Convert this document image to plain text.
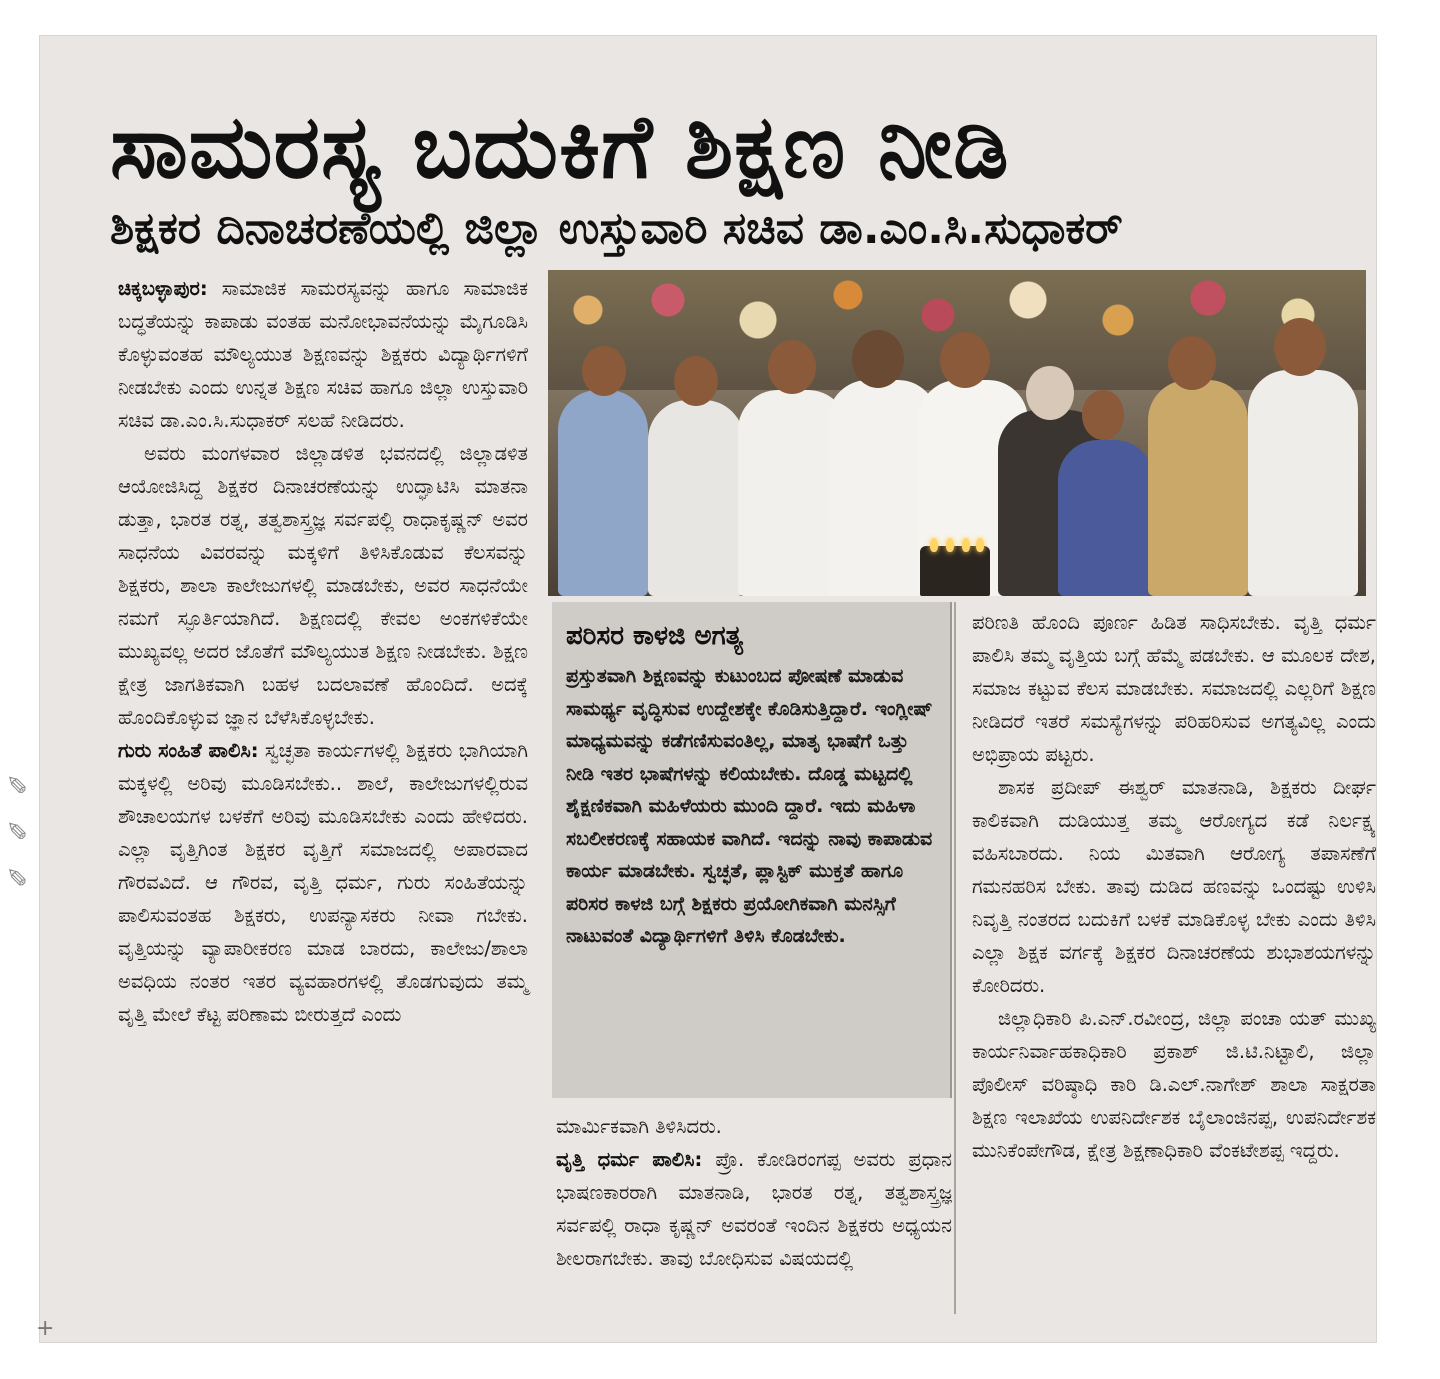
✎ ✎ ✎
+
ಸಾಮರಸ್ಯ ಬದುಕಿಗೆ ಶಿಕ್ಷಣ ನೀಡಿ
ಶಿಕ್ಷಕರ ದಿನಾಚರಣೆಯಲ್ಲಿ ಜಿಲ್ಲಾ ಉಸ್ತುವಾರಿ ಸಚಿವ ಡಾ.ಎಂ.ಸಿ.ಸುಧಾಕರ್

ಚಿಕ್ಕಬಳ್ಳಾಪುರ: ಸಾಮಾಜಿಕ ಸಾಮರಸ್ಯವನ್ನು ಹಾಗೂ ಸಾಮಾಜಿಕ ಬದ್ಧತೆಯನ್ನು ಕಾಪಾಡು ವಂತಹ ಮನೋಭಾವನೆಯನ್ನು ಮೈಗೂಡಿಸಿ ಕೊಳ್ಳುವಂತಹ ಮೌಲ್ಯಯುತ ಶಿಕ್ಷಣವನ್ನು ಶಿಕ್ಷಕರು ವಿದ್ಯಾರ್ಥಿಗಳಿಗೆ ನೀಡಬೇಕು ಎಂದು ಉನ್ನತ ಶಿಕ್ಷಣ ಸಚಿವ ಹಾಗೂ ಜಿಲ್ಲಾ ಉಸ್ತುವಾರಿ ಸಚಿವ ಡಾ.ಎಂ.ಸಿ.ಸುಧಾಕರ್ ಸಲಹೆ ನೀಡಿದರು.

ಅವರು ಮಂಗಳವಾರ ಜಿಲ್ಲಾಡಳಿತ ಭವನದಲ್ಲಿ ಜಿಲ್ಲಾಡಳಿತ ಆಯೋಜಿಸಿದ್ದ ಶಿಕ್ಷಕರ ದಿನಾಚರಣೆಯನ್ನು ಉದ್ಘಾಟಿಸಿ ಮಾತನಾ ಡುತ್ತಾ, ಭಾರತ ರತ್ನ, ತತ್ವಶಾಸ್ತ್ರಜ್ಞ ಸರ್ವಪಲ್ಲಿ ರಾಧಾಕೃಷ್ಣನ್ ಅವರ ಸಾಧನೆಯ ವಿವರವನ್ನು ಮಕ್ಕಳಿಗೆ ತಿಳಿಸಿಕೊಡುವ ಕೆಲಸವನ್ನು ಶಿಕ್ಷಕರು, ಶಾಲಾ ಕಾಲೇಜುಗಳಲ್ಲಿ ಮಾಡಬೇಕು, ಅವರ ಸಾಧನೆಯೇ ನಮಗೆ ಸ್ಫೂರ್ತಿಯಾಗಿದೆ. ಶಿಕ್ಷಣದಲ್ಲಿ ಕೇವಲ ಅಂಕಗಳಿಕೆಯೇ ಮುಖ್ಯವಲ್ಲ ಅದರ ಜೊತೆಗೆ ಮೌಲ್ಯಯುತ ಶಿಕ್ಷಣ ನೀಡಬೇಕು. ಶಿಕ್ಷಣ ಕ್ಷೇತ್ರ ಜಾಗತಿಕವಾಗಿ ಬಹಳ ಬದಲಾವಣೆ ಹೊಂದಿದೆ. ಅದಕ್ಕೆ ಹೊಂದಿಕೊಳ್ಳುವ ಜ್ಞಾನ ಬೆಳೆಸಿಕೊಳ್ಳಬೇಕು.

ಗುರು ಸಂಹಿತೆ ಪಾಲಿಸಿ: ಸ್ವಚ್ಛತಾ ಕಾರ್ಯಗಳಲ್ಲಿ ಶಿಕ್ಷಕರು ಭಾಗಿಯಾಗಿ ಮಕ್ಕಳಲ್ಲಿ ಅರಿವು ಮೂಡಿಸಬೇಕು.. ಶಾಲೆ, ಕಾಲೇಜುಗಳಲ್ಲಿರುವ ಶೌಚಾಲಯಗಳ ಬಳಕೆಗೆ ಅರಿವು ಮೂಡಿಸಬೇಕು ಎಂದು ಹೇಳಿದರು. ಎಲ್ಲಾ ವೃತ್ತಿಗಿಂತ ಶಿಕ್ಷಕರ ವೃತ್ತಿಗೆ ಸಮಾಜದಲ್ಲಿ ಅಪಾರವಾದ ಗೌರವವಿದೆ. ಆ ಗೌರವ, ವೃತ್ತಿ ಧರ್ಮ, ಗುರು ಸಂಹಿತೆಯನ್ನು ಪಾಲಿಸುವಂತಹ ಶಿಕ್ಷಕರು, ಉಪನ್ಯಾಸಕರು ನೀವಾ ಗಬೇಕು. ವೃತ್ತಿಯನ್ನು ವ್ಯಾಪಾರೀಕರಣ ಮಾಡ ಬಾರದು, ಕಾಲೇಜು/ಶಾಲಾ ಅವಧಿಯ ನಂತರ ಇತರ ವ್ಯವಹಾರಗಳಲ್ಲಿ ತೊಡಗುವುದು ತಮ್ಮ ವೃತ್ತಿ ಮೇಲೆ ಕೆಟ್ಟ ಪರಿಣಾಮ ಬೀರುತ್ತದೆ ಎಂದು

ಪರಿಸರ ಕಾಳಜಿ ಅಗತ್ಯ
ಪ್ರಸ್ತುತವಾಗಿ ಶಿಕ್ಷಣವನ್ನು ಕುಟುಂಬದ ಪೋಷಣೆ ಮಾಡುವ ಸಾಮರ್ಥ್ಯ ವೃದ್ಧಿಸುವ ಉದ್ದೇಶಕ್ಕೇ ಕೊಡಿಸುತ್ತಿದ್ದಾರೆ. ಇಂಗ್ಲೀಷ್ ಮಾಧ್ಯಮವನ್ನು ಕಡೆಗಣಿಸುವಂತಿಲ್ಲ, ಮಾತೃ ಭಾಷೆಗೆ ಒತ್ತು ನೀಡಿ ಇತರ ಭಾಷೆಗಳನ್ನು ಕಲಿಯಬೇಕು. ದೊಡ್ಡ ಮಟ್ಟದಲ್ಲಿ ಶೈಕ್ಷಣಿಕವಾಗಿ ಮಹಿಳೆಯರು ಮುಂದಿ ದ್ದಾರೆ. ಇದು ಮಹಿಳಾ ಸಬಲೀಕರಣಕ್ಕೆ ಸಹಾಯಕ ವಾಗಿದೆ. ಇದನ್ನು ನಾವು ಕಾಪಾಡುವ ಕಾರ್ಯ ಮಾಡಬೇಕು. ಸ್ವಚ್ಛತೆ, ಪ್ಲಾಸ್ಟಿಕ್ ಮುಕ್ತತೆ ಹಾಗೂ ಪರಿಸರ ಕಾಳಜಿ ಬಗ್ಗೆ ಶಿಕ್ಷಕರು ಪ್ರಯೋಗಿಕವಾಗಿ ಮನಸ್ಸಿಗೆ ನಾಟುವಂತೆ ವಿದ್ಯಾರ್ಥಿಗಳಿಗೆ ತಿಳಿಸಿ ಕೊಡಬೇಕು.

ಮಾರ್ಮಿಕವಾಗಿ ತಿಳಿಸಿದರು.

ವೃತ್ತಿ ಧರ್ಮ ಪಾಲಿಸಿ: ಪ್ರೊ. ಕೋಡಿರಂಗಪ್ಪ ಅವರು ಪ್ರಧಾನ ಭಾಷಣಕಾರರಾಗಿ ಮಾತನಾಡಿ, ಭಾರತ ರತ್ನ, ತತ್ವಶಾಸ್ತ್ರಜ್ಞ ಸರ್ವಪಲ್ಲಿ ರಾಧಾ ಕೃಷ್ಣನ್ ಅವರಂತೆ ಇಂದಿನ ಶಿಕ್ಷಕರು ಅಧ್ಯಯನ ಶೀಲರಾಗಬೇಕು. ತಾವು ಬೋಧಿಸುವ ವಿಷಯದಲ್ಲಿ

ಪರಿಣತಿ ಹೊಂದಿ ಪೂರ್ಣ ಹಿಡಿತ ಸಾಧಿಸಬೇಕು. ವೃತ್ತಿ ಧರ್ಮ ಪಾಲಿಸಿ ತಮ್ಮ ವೃತ್ತಿಯ ಬಗ್ಗೆ ಹೆಮ್ಮೆ ಪಡಬೇಕು. ಆ ಮೂಲಕ ದೇಶ, ಸಮಾಜ ಕಟ್ಟುವ ಕೆಲಸ ಮಾಡಬೇಕು. ಸಮಾಜದಲ್ಲಿ ಎಲ್ಲರಿಗೆ ಶಿಕ್ಷಣ ನೀಡಿದರೆ ಇತರೆ ಸಮಸ್ಯೆಗಳನ್ನು ಪರಿಹರಿಸುವ ಅಗತ್ಯವಿಲ್ಲ ಎಂದು ಅಭಿಪ್ರಾಯ ಪಟ್ಟರು.

ಶಾಸಕ ಪ್ರದೀಪ್ ಈಶ್ವರ್ ಮಾತನಾಡಿ, ಶಿಕ್ಷಕರು ದೀರ್ಘ ಕಾಲಿಕವಾಗಿ ದುಡಿಯುತ್ತ ತಮ್ಮ ಆರೋಗ್ಯದ ಕಡೆ ನಿರ್ಲಕ್ಷ್ಯ ವಹಿಸಬಾರದು. ನಿಯ ಮಿತವಾಗಿ ಆರೋಗ್ಯ ತಪಾಸಣೆಗೆ ಗಮನಹರಿಸ ಬೇಕು. ತಾವು ದುಡಿದ ಹಣವನ್ನು ಒಂದಷ್ಟು ಉಳಿಸಿ ನಿವೃತ್ತಿ ನಂತರದ ಬದುಕಿಗೆ ಬಳಕೆ ಮಾಡಿಕೊಳ್ಳ ಬೇಕು ಎಂದು ತಿಳಿಸಿ ಎಲ್ಲಾ ಶಿಕ್ಷಕ ವರ್ಗಕ್ಕೆ ಶಿಕ್ಷಕರ ದಿನಾಚರಣೆಯ ಶುಭಾಶಯಗಳನ್ನು ಕೋರಿದರು.

ಜಿಲ್ಲಾಧಿಕಾರಿ ಪಿ.ಎನ್.ರವೀಂದ್ರ, ಜಿಲ್ಲಾ ಪಂಚಾ ಯತ್ ಮುಖ್ಯ ಕಾರ್ಯನಿರ್ವಾಹಕಾಧಿಕಾರಿ ಪ್ರಕಾಶ್ ಜಿ.ಟಿ.ನಿಟ್ಟಾಲಿ, ಜಿಲ್ಲಾ ಪೊಲೀಸ್ ವರಿಷ್ಠಾಧಿ ಕಾರಿ ಡಿ.ಎಲ್.ನಾಗೇಶ್ ಶಾಲಾ ಸಾಕ್ಷರತಾ ಶಿಕ್ಷಣ ಇಲಾಖೆಯ ಉಪನಿರ್ದೇಶಕ ಬೈಲಾಂಜಿನಪ್ಪ, ಉಪನಿರ್ದೇಶಕ ಮುನಿಕೆಂಪೇಗೌಡ, ಕ್ಷೇತ್ರ ಶಿಕ್ಷಣಾಧಿಕಾರಿ ವೆಂಕಟೇಶಪ್ಪ ಇದ್ದರು.
